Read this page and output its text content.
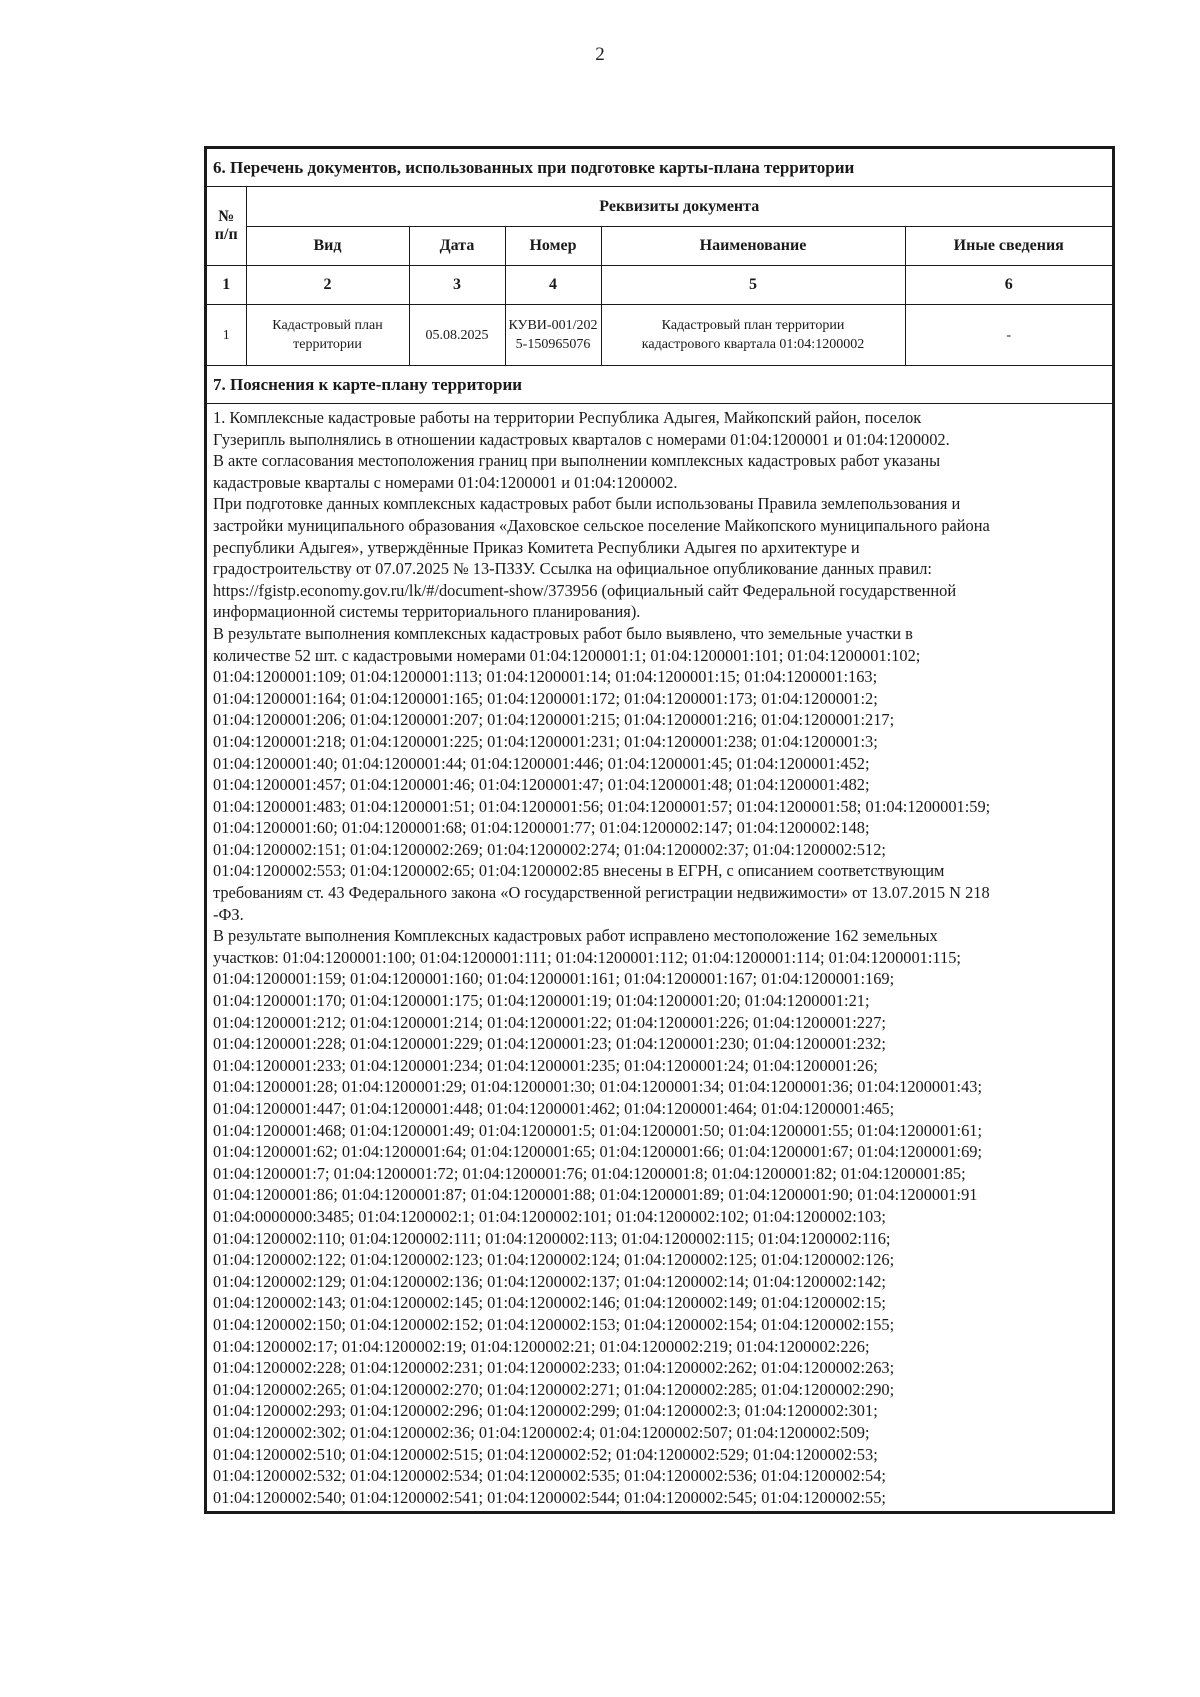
2
6. Перечень документов, использованных при подготовке карты-плана территории
№ п/п	Реквизиты документа				
	Вид	Дата	Номер	Наименование	Иные сведения
1	2	3	4	5	6
1	Кадастровый план территории	05.08.2025	КУВИ-001/2025-150965076	Кадастровый план территории кадастрового квартала 01:04:1200002	-
7. Пояснения к карте-плану территории

1. Комплексные кадастровые работы на территории Республика Адыгея, Майкопский район, поселок

Гузерипль выполнялись в отношении кадастровых кварталов с номерами 01:04:1200001 и 01:04:1200002.

В акте согласования местоположения границ при выполнении комплексных кадастровых работ указаны

кадастровые кварталы с номерами 01:04:1200001 и 01:04:1200002.

При подготовке данных комплексных кадастровых работ были использованы Правила землепользования и

застройки муниципального образования «Даховское сельское поселение Майкопского муниципального района

республики Адыгея», утверждённые Приказ Комитета Республики Адыгея по архитектуре и

градостроительству от 07.07.2025 № 13-ПЗЗУ. Ссылка на официальное опубликование данных правил:

https://fgistp.economy.gov.ru/lk/#/document-show/373956 (официальный сайт Федеральной государственной

информационной системы территориального планирования).

В результате выполнения комплексных кадастровых работ было выявлено, что земельные участки в

количестве 52 шт. с кадастровыми номерами 01:04:1200001:1; 01:04:1200001:101; 01:04:1200001:102;

01:04:1200001:109; 01:04:1200001:113; 01:04:1200001:14; 01:04:1200001:15; 01:04:1200001:163;

01:04:1200001:164; 01:04:1200001:165; 01:04:1200001:172; 01:04:1200001:173; 01:04:1200001:2;

01:04:1200001:206; 01:04:1200001:207; 01:04:1200001:215; 01:04:1200001:216; 01:04:1200001:217;

01:04:1200001:218; 01:04:1200001:225; 01:04:1200001:231; 01:04:1200001:238; 01:04:1200001:3;

01:04:1200001:40; 01:04:1200001:44; 01:04:1200001:446; 01:04:1200001:45; 01:04:1200001:452;

01:04:1200001:457; 01:04:1200001:46; 01:04:1200001:47; 01:04:1200001:48; 01:04:1200001:482;

01:04:1200001:483; 01:04:1200001:51; 01:04:1200001:56; 01:04:1200001:57; 01:04:1200001:58; 01:04:1200001:59;

01:04:1200001:60; 01:04:1200001:68; 01:04:1200001:77; 01:04:1200002:147; 01:04:1200002:148;

01:04:1200002:151; 01:04:1200002:269; 01:04:1200002:274; 01:04:1200002:37; 01:04:1200002:512;

01:04:1200002:553; 01:04:1200002:65; 01:04:1200002:85 внесены в ЕГРН, с описанием соответствующим

требованиям ст. 43 Федерального закона «О государственной регистрации недвижимости» от 13.07.2015 N 218

-ФЗ.

В результате выполнения Комплексных кадастровых работ исправлено местоположение 162 земельных

участков: 01:04:1200001:100; 01:04:1200001:111; 01:04:1200001:112; 01:04:1200001:114; 01:04:1200001:115;

01:04:1200001:159; 01:04:1200001:160; 01:04:1200001:161; 01:04:1200001:167; 01:04:1200001:169;

01:04:1200001:170; 01:04:1200001:175; 01:04:1200001:19; 01:04:1200001:20; 01:04:1200001:21;

01:04:1200001:212; 01:04:1200001:214; 01:04:1200001:22; 01:04:1200001:226; 01:04:1200001:227;

01:04:1200001:228; 01:04:1200001:229; 01:04:1200001:23; 01:04:1200001:230; 01:04:1200001:232;

01:04:1200001:233; 01:04:1200001:234; 01:04:1200001:235; 01:04:1200001:24; 01:04:1200001:26;

01:04:1200001:28; 01:04:1200001:29; 01:04:1200001:30; 01:04:1200001:34; 01:04:1200001:36; 01:04:1200001:43;

01:04:1200001:447; 01:04:1200001:448; 01:04:1200001:462; 01:04:1200001:464; 01:04:1200001:465;

01:04:1200001:468; 01:04:1200001:49; 01:04:1200001:5; 01:04:1200001:50; 01:04:1200001:55; 01:04:1200001:61;

01:04:1200001:62; 01:04:1200001:64; 01:04:1200001:65; 01:04:1200001:66; 01:04:1200001:67; 01:04:1200001:69;

01:04:1200001:7; 01:04:1200001:72; 01:04:1200001:76; 01:04:1200001:8; 01:04:1200001:82; 01:04:1200001:85;

01:04:1200001:86; 01:04:1200001:87; 01:04:1200001:88; 01:04:1200001:89; 01:04:1200001:90; 01:04:1200001:91

01:04:0000000:3485; 01:04:1200002:1; 01:04:1200002:101; 01:04:1200002:102; 01:04:1200002:103;

01:04:1200002:110; 01:04:1200002:111; 01:04:1200002:113; 01:04:1200002:115; 01:04:1200002:116;

01:04:1200002:122; 01:04:1200002:123; 01:04:1200002:124; 01:04:1200002:125; 01:04:1200002:126;

01:04:1200002:129; 01:04:1200002:136; 01:04:1200002:137; 01:04:1200002:14; 01:04:1200002:142;

01:04:1200002:143; 01:04:1200002:145; 01:04:1200002:146; 01:04:1200002:149; 01:04:1200002:15;

01:04:1200002:150; 01:04:1200002:152; 01:04:1200002:153; 01:04:1200002:154; 01:04:1200002:155;

01:04:1200002:17; 01:04:1200002:19; 01:04:1200002:21; 01:04:1200002:219; 01:04:1200002:226;

01:04:1200002:228; 01:04:1200002:231; 01:04:1200002:233; 01:04:1200002:262; 01:04:1200002:263;

01:04:1200002:265; 01:04:1200002:270; 01:04:1200002:271; 01:04:1200002:285; 01:04:1200002:290;

01:04:1200002:293; 01:04:1200002:296; 01:04:1200002:299; 01:04:1200002:3; 01:04:1200002:301;

01:04:1200002:302; 01:04:1200002:36; 01:04:1200002:4; 01:04:1200002:507; 01:04:1200002:509;

01:04:1200002:510; 01:04:1200002:515; 01:04:1200002:52; 01:04:1200002:529; 01:04:1200002:53;

01:04:1200002:532; 01:04:1200002:534; 01:04:1200002:535; 01:04:1200002:536; 01:04:1200002:54;

01:04:1200002:540; 01:04:1200002:541; 01:04:1200002:544; 01:04:1200002:545; 01:04:1200002:55;
